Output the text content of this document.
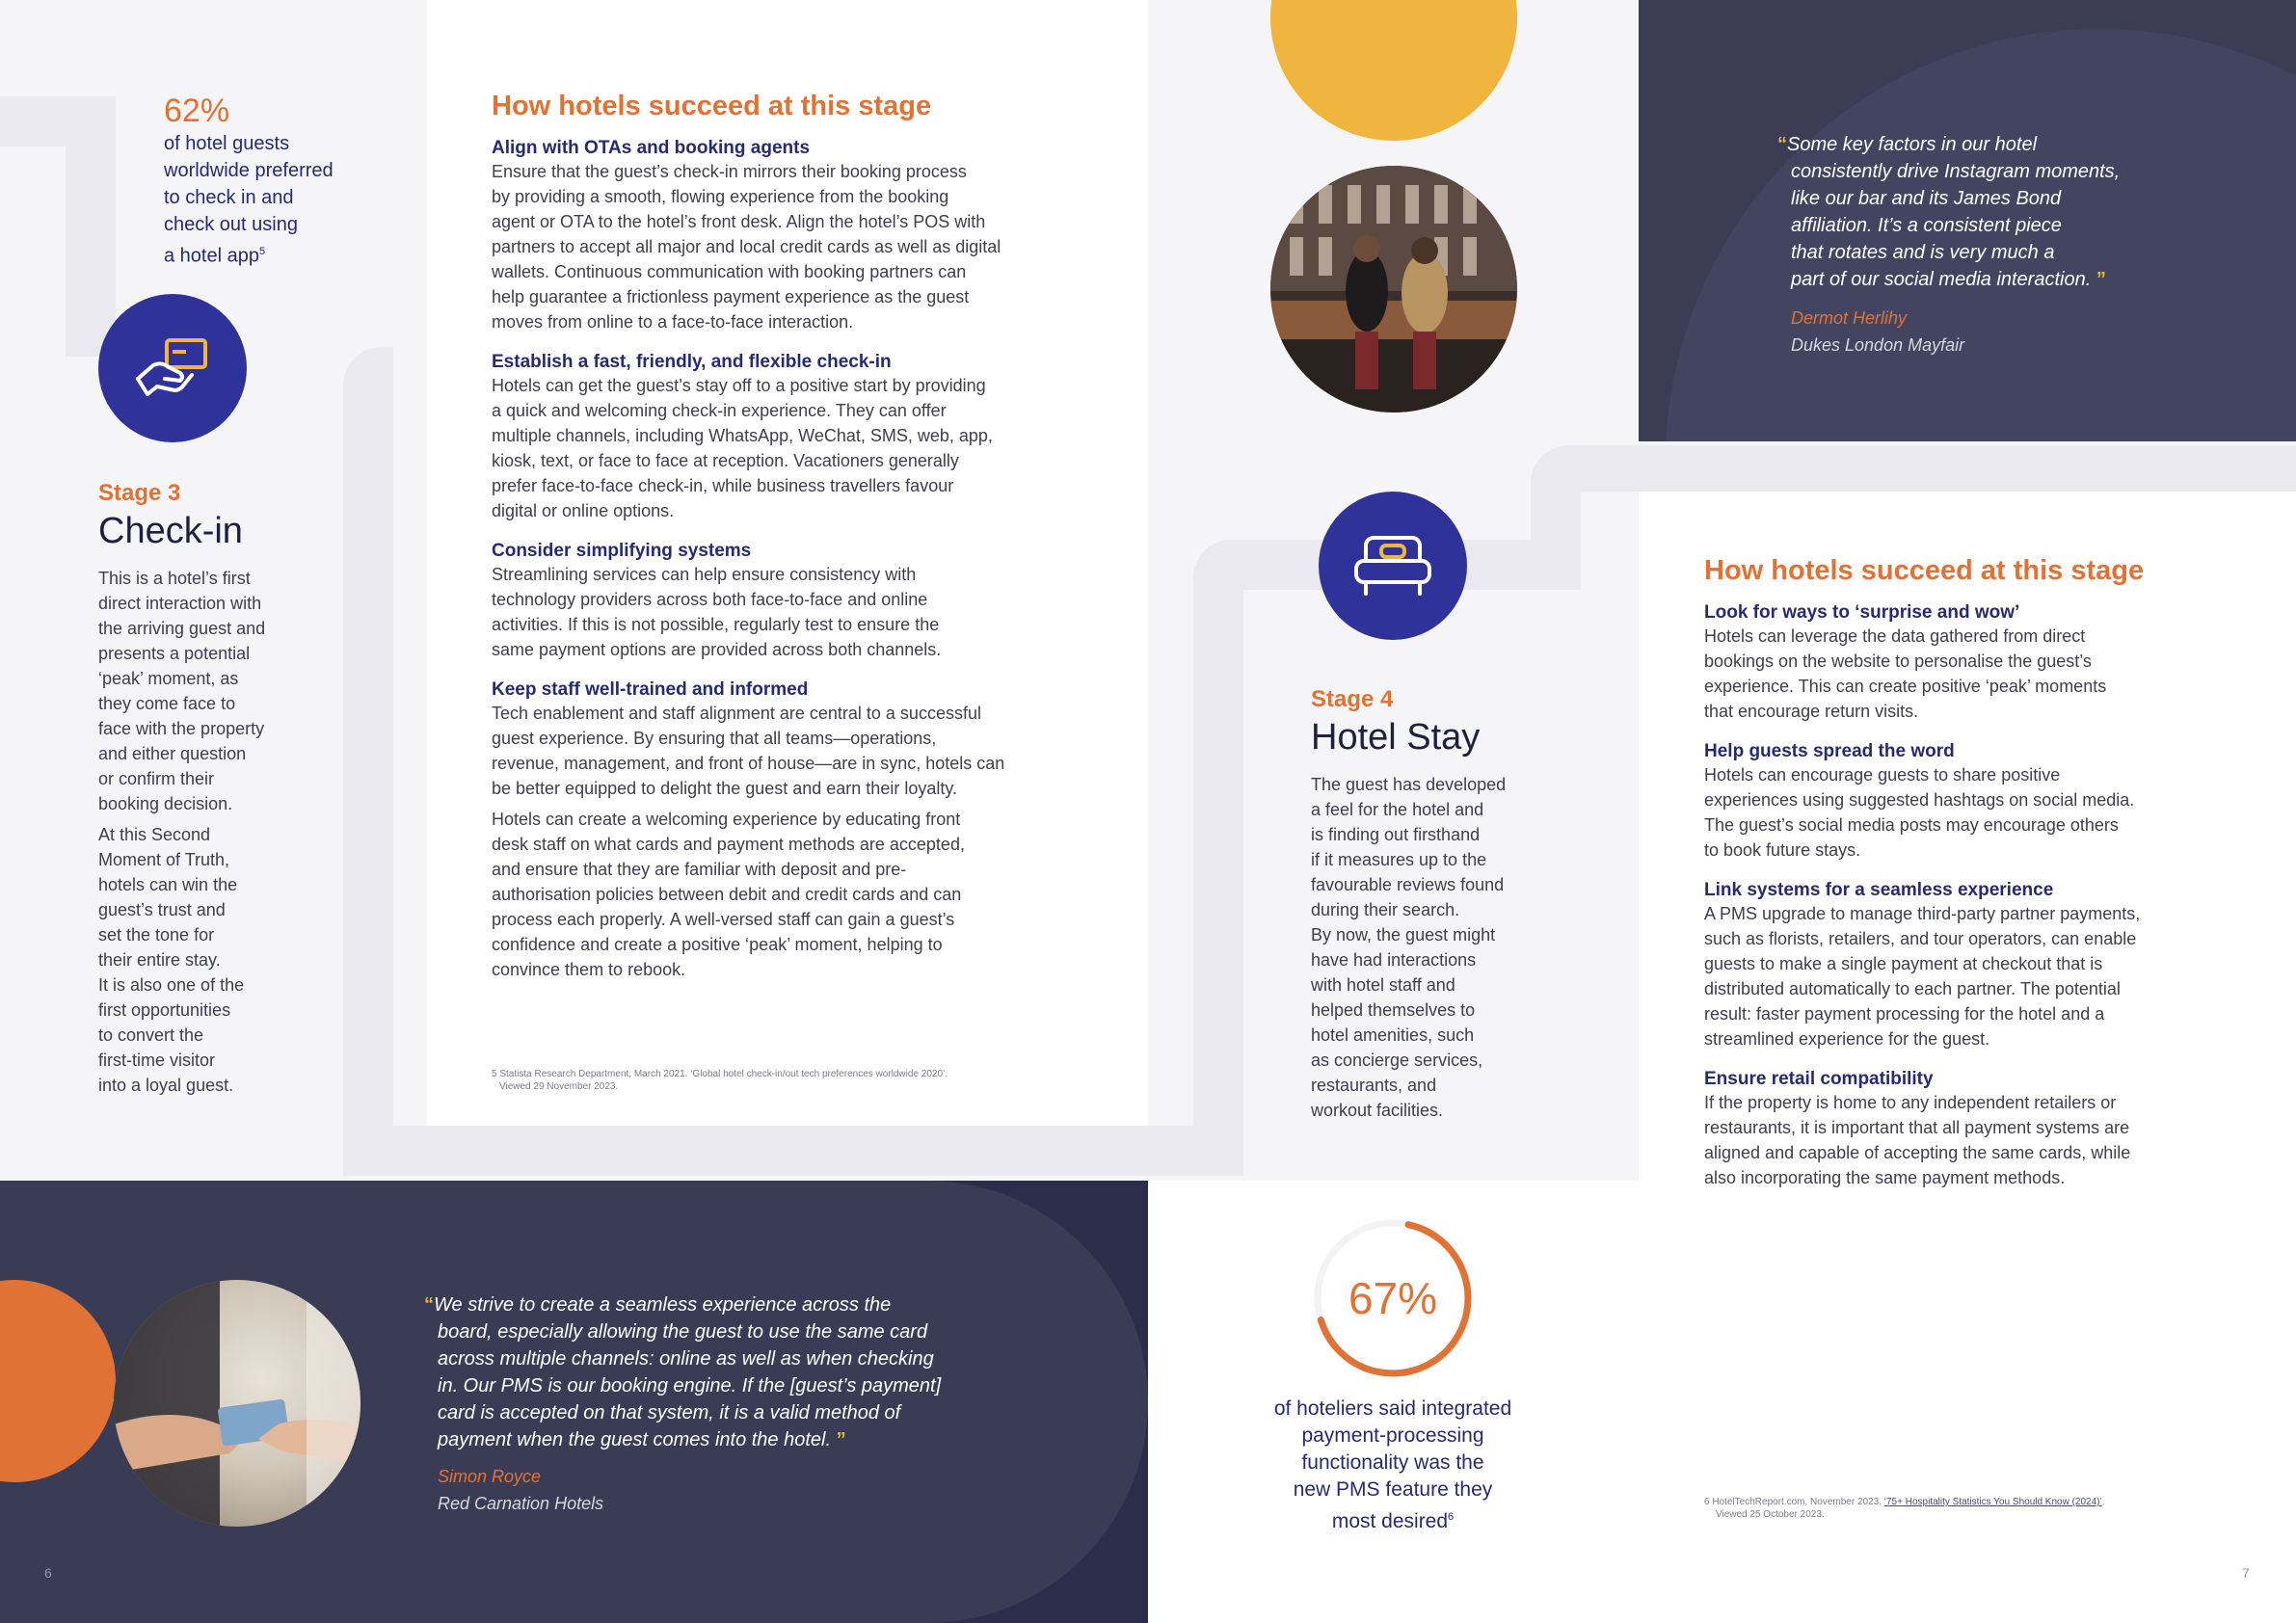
62%
of hotel guests
worldwide preferred
to check in and
check out using
a hotel app$^5$
Stage 3
Check-in
This is a hotel’s first
direct interaction with
the arriving guest and
presents a potential
‘peak’ moment, as
they come face to
face with the property
and either question
or confirm their
booking decision.
At this Second
Moment of Truth,
hotels can win the
guest’s trust and
set the tone for
their entire stay.
It is also one of the
first opportunities
to convert the
first-time visitor
into a loyal guest.
How hotels succeed at this stage
Align with OTAs and booking agents
Ensure that the guest’s check-in mirrors their booking process
by providing a smooth, flowing experience from the booking
agent or OTA to the hotel’s front desk. Align the hotel’s POS with
partners to accept all major and local credit cards as well as digital
wallets. Continuous communication with booking partners can
help guarantee a frictionless payment experience as the guest
moves from online to a face-to-face interaction.
Establish a fast, friendly, and flexible check-in
Hotels can get the guest’s stay off to a positive start by providing
a quick and welcoming check-in experience. They can offer
multiple channels, including WhatsApp, WeChat, SMS, web, app,
kiosk, text, or face to face at reception. Vacationers generally
prefer face-to-face check-in, while business travellers favour
digital or online options.
Consider simplifying systems
Streamlining services can help ensure consistency with
technology providers across both face-to-face and online
activities. If this is not possible, regularly test to ensure the
same payment options are provided across both channels.
Keep staff well-trained and informed
Tech enablement and staff alignment are central to a successful
guest experience. By ensuring that all teams—operations,
revenue, management, and front of house—are in sync, hotels can
be better equipped to delight the guest and earn their loyalty.
Hotels can create a welcoming experience by educating front
desk staff on what cards and payment methods are accepted,
and ensure that they are familiar with deposit and pre-
authorisation policies between debit and credit cards and can
process each properly. A well-versed staff can gain a guest’s
confidence and create a positive ‘peak’ moment, helping to
convince them to rebook.
5 Statista Research Department, March 2021. ‘Global hotel check-in/out tech preferences worldwide 2020’.
Viewed 29 November 2023.
“We strive to create a seamless experience across the
board, especially allowing the guest to use the same card
across multiple channels: online as well as when checking
in. Our PMS is our booking engine. If the [guest’s payment]
card is accepted on that system, it is a valid method of
payment when the guest comes into the hotel. ”
Simon Royce
Red Carnation Hotels
6
“Some key factors in our hotel
consistently drive Instagram moments,
like our bar and its James Bond
affiliation. It’s a consistent piece
that rotates and is very much a
part of our social media interaction. ”
Dermot Herlihy
Dukes London Mayfair
Stage 4
Hotel Stay
The guest has developed
a feel for the hotel and
is finding out firsthand
if it measures up to the
favourable reviews found
during their search.
By now, the guest might
have had interactions
with hotel staff and
helped themselves to
hotel amenities, such
as concierge services,
restaurants, and
workout facilities.
How hotels succeed at this stage
Look for ways to ‘surprise and wow’
Hotels can leverage the data gathered from direct
bookings on the website to personalise the guest’s
experience. This can create positive ‘peak’ moments
that encourage return visits.
Help guests spread the word
Hotels can encourage guests to share positive
experiences using suggested hashtags on social media.
The guest’s social media posts may encourage others
to book future stays.
Link systems for a seamless experience
A PMS upgrade to manage third-party partner payments,
such as florists, retailers, and tour operators, can enable
guests to make a single payment at checkout that is
distributed automatically to each partner. The potential
result: faster payment processing for the hotel and a
streamlined experience for the guest.
Ensure retail compatibility
If the property is home to any independent retailers or
restaurants, it is important that all payment systems are
aligned and capable of accepting the same cards, while
also incorporating the same payment methods.
67%
of hoteliers said integrated
payment-processing
functionality was the
new PMS feature they
most desired$^6$
6 HotelTechReport.com, November 2023. ‘75+ Hospitality Statistics You Should Know (2024)’.
Viewed 25 October 2023.
7
